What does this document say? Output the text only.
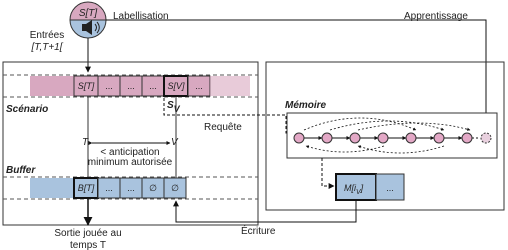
S[T]
Entrées
[T,T+1[
Labellisation	Apprentissage
S[T] ... ... ... S[V] ...
Scénario	SV
Requête
T	V
< anticipation
minimum autorisée
Buffer
B[T] ... ... ∅ ∅
Sortie jouée au
temps T
Mémoire
$M[i_V]$	...
Écriture
